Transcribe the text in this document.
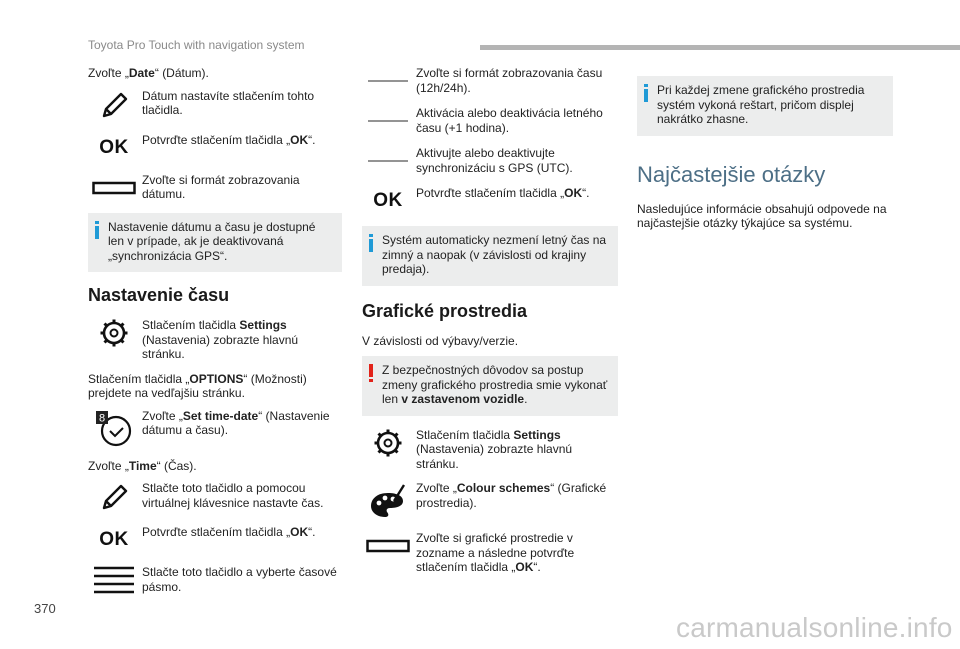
Toyota Pro Touch with navigation system

Zvoľte „Date“ (Dátum).

Dátum nastavíte stlačením tohto tlačidla.
OK Potvrďte stlačením tlačidla „OK“.
Zvoľte si formát zobrazovania dátumu.
Nastavenie dátumu a času je dostupné len v prípade, ak je deaktivovaná „synchronizácia GPS“.
Nastavenie času
Stlačením tlačidla Settings (Nastavenia) zobrazte hlavnú stránku.

Stlačením tlačidla „OPTIONS“ (Možnosti) prejdete na vedľajšiu stránku.

8	Zvoľte „Set time-date“ (Nastavenie dátumu a času).

Zvoľte „Time“ (Čas).

Stlačte toto tlačidlo a pomocou virtuálnej klávesnice nastavte čas.
OK Potvrďte stlačením tlačidla „OK“.
Stlačte toto tlačidlo a vyberte časové pásmo.
Zvoľte si formát zobrazovania času (12h/24h).
Aktivácia alebo deaktivácia letného času (+1 hodina).
Aktivujte alebo deaktivujte synchronizáciu s GPS (UTC).
OK Potvrďte stlačením tlačidla „OK“.
Systém automaticky nezmení letný čas na zimný a naopak (v závislosti od krajiny predaja).
Grafické prostredia

V závislosti od výbavy/verzie.

Z bezpečnostných dôvodov sa postup zmeny grafického prostredia smie vykonať len v zastavenom vozidle.
Stlačením tlačidla Settings (Nastavenia) zobrazte hlavnú stránku.
Zvoľte „Colour schemes“ (Grafické prostredia).
Zvoľte si grafické prostredie v zozname a následne potvrďte stlačením tlačidla „OK“.
Pri každej zmene grafického prostredia systém vykoná reštart, pričom displej nakrátko zhasne.
Najčastejšie otázky

Nasledujúce informácie obsahujú odpovede na najčastejšie otázky týkajúce sa systému.

370
carmanualsonline.info
